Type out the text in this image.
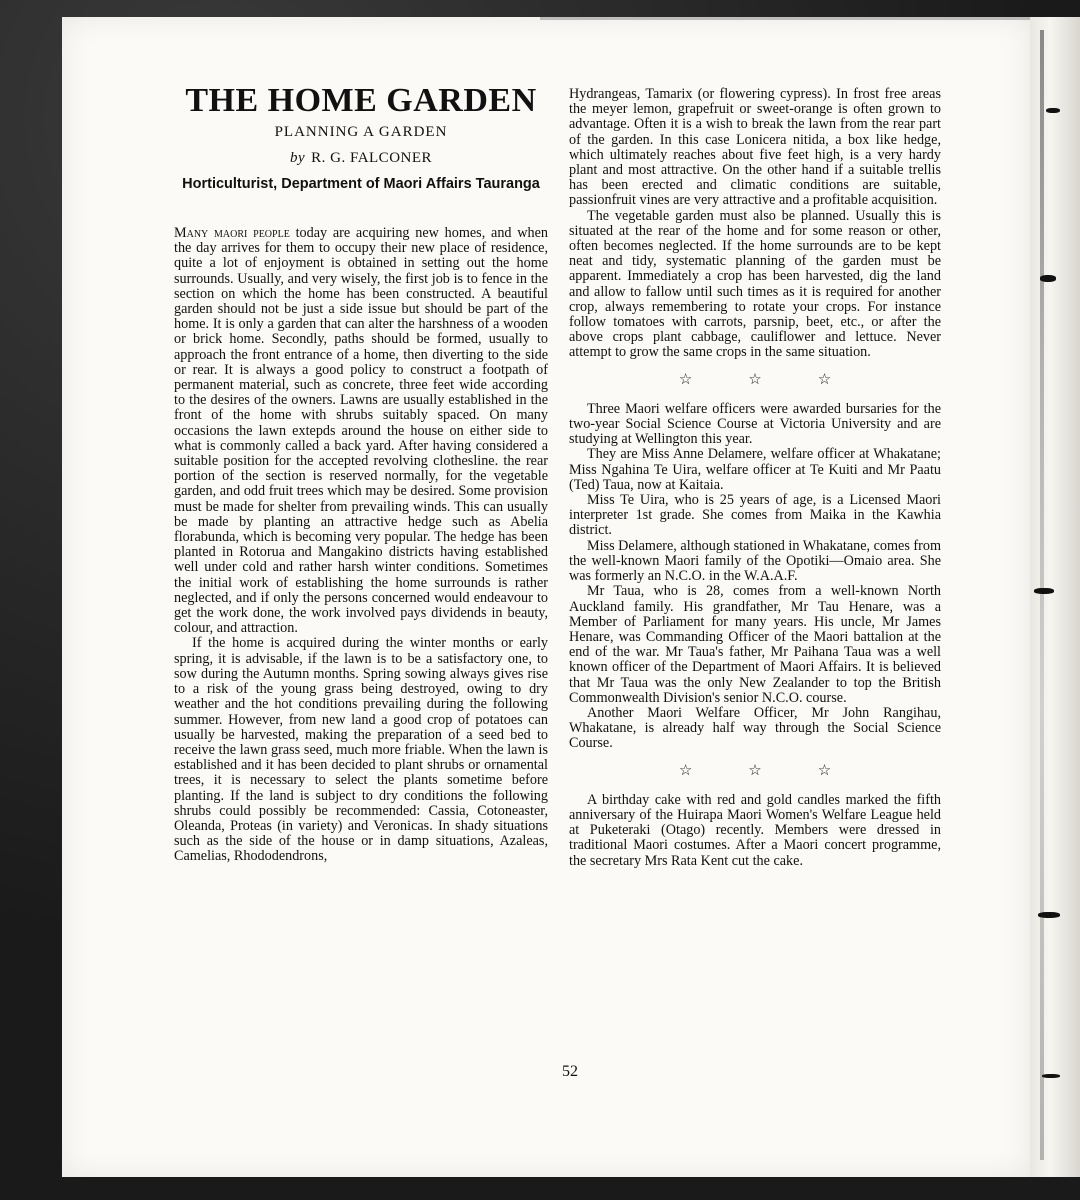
THE HOME GARDEN
PLANNING A GARDEN
by R. G. FALCONER
Horticulturist, Department of Maori Affairs Tauranga

Many maori people today are acquiring new homes, and when the day arrives for them to occupy their new place of residence, quite a lot of enjoyment is obtained in setting out the home surrounds. Usually, and very wisely, the first job is to fence in the section on which the home has been constructed. A beautiful garden should not be just a side issue but should be part of the home. It is only a garden that can alter the harshness of a wooden or brick home. Secondly, paths should be formed, usually to approach the front entrance of a home, then diverting to the side or rear. It is always a good policy to construct a footpath of permanent material, such as concrete, three feet wide according to the desires of the owners. Lawns are usually established in the front of the home with shrubs suitably spaced. On many occasions the lawn extepds around the house on either side to what is commonly called a back yard. After having considered a suitable position for the accepted revolving clothesline. the rear portion of the section is reserved normally, for the vegetable garden, and odd fruit trees which may be desired. Some provision must be made for shelter from prevailing winds. This can usually be made by planting an attractive hedge such as Abelia florabunda, which is becoming very popular. The hedge has been planted in Rotorua and Mangakino districts having established well under cold and rather harsh winter conditions. Sometimes the initial work of establishing the home surrounds is rather neglected, and if only the persons concerned would endeavour to get the work done, the work involved pays dividends in beauty, colour, and attraction.

If the home is acquired during the winter months or early spring, it is advisable, if the lawn is to be a satisfactory one, to sow during the Autumn months. Spring sowing always gives rise to a risk of the young grass being destroyed, owing to dry weather and the hot conditions prevailing during the following summer. However, from new land a good crop of potatoes can usually be harvested, making the preparation of a seed bed to receive the lawn grass seed, much more friable. When the lawn is established and it has been decided to plant shrubs or ornamental trees, it is necessary to select the plants sometime before planting. If the land is subject to dry conditions the following shrubs could possibly be recommended: Cassia, Cotoneaster, Oleanda, Proteas (in variety) and Veronicas. In shady situations such as the side of the house or in damp situations, Azaleas, Camelias, Rhododendrons,

Hydrangeas, Tamarix (or flowering cypress). In frost free areas the meyer lemon, grapefruit or sweet-orange is often grown to advantage. Often it is a wish to break the lawn from the rear part of the garden. In this case Lonicera nitida, a box like hedge, which ultimately reaches about five feet high, is a very hardy plant and most attractive. On the other hand if a suitable trellis has been erected and climatic conditions are suitable, passionfruit vines are very attractive and a profitable acquisition.

The vegetable garden must also be planned. Usually this is situated at the rear of the home and for some reason or other, often becomes neglected. If the home surrounds are to be kept neat and tidy, systematic planning of the garden must be apparent. Immediately a crop has been harvested, dig the land and allow to fallow until such times as it is required for another crop, always remembering to rotate your crops. For instance follow tomatoes with carrots, parsnip, beet, etc., or after the above crops plant cabbage, cauliflower and lettuce. Never attempt to grow the same crops in the same situation.

☆	☆	☆

Three Maori welfare officers were awarded bursaries for the two-year Social Science Course at Victoria University and are studying at Wellington this year.

They are Miss Anne Delamere, welfare officer at Whakatane; Miss Ngahina Te Uira, welfare officer at Te Kuiti and Mr Paatu (Ted) Taua, now at Kaitaia.

Miss Te Uira, who is 25 years of age, is a Licensed Maori interpreter 1st grade. She comes from Maika in the Kawhia district.

Miss Delamere, although stationed in Whakatane, comes from the well-known Maori family of the Opotiki—Omaio area. She was formerly an N.C.O. in the W.A.A.F.

Mr Taua, who is 28, comes from a well-known North Auckland family. His grandfather, Mr Tau Henare, was a Member of Parliament for many years. His uncle, Mr James Henare, was Commanding Officer of the Maori battalion at the end of the war. Mr Taua's father, Mr Paihana Taua was a well known officer of the Department of Maori Affairs. It is believed that Mr Taua was the only New Zealander to top the British Commonwealth Division's senior N.C.O. course.

Another Maori Welfare Officer, Mr John Rangihau, Whakatane, is already half way through the Social Science Course.

☆	☆	☆

A birthday cake with red and gold candles marked the fifth anniversary of the Huirapa Maori Women's Welfare League held at Puketeraki (Otago) recently. Members were dressed in traditional Maori costumes. After a Maori concert programme, the secretary Mrs Rata Kent cut the cake.

52
